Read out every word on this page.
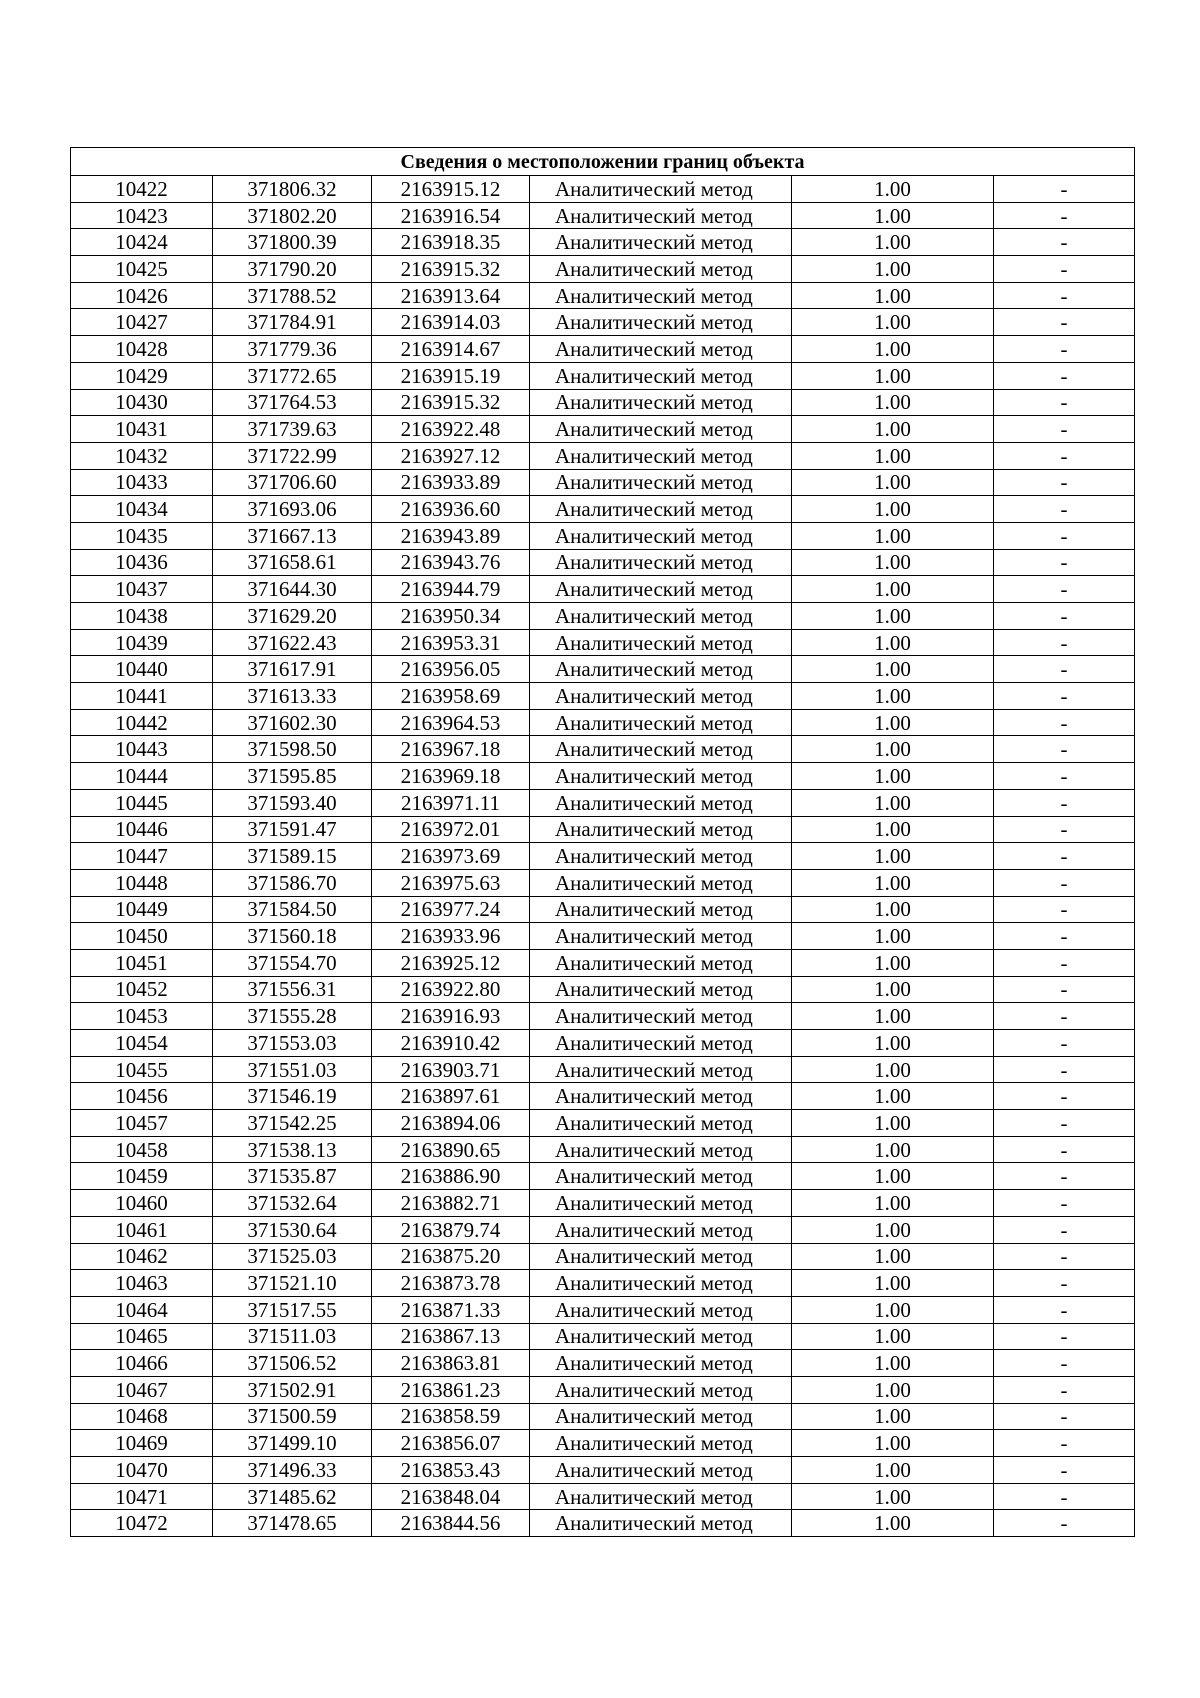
Сведения о местоположении границ объекта					
10422	371806.32	2163915.12	Аналитический метод	1.00	-
10423	371802.20	2163916.54	Аналитический метод	1.00	-
10424	371800.39	2163918.35	Аналитический метод	1.00	-
10425	371790.20	2163915.32	Аналитический метод	1.00	-
10426	371788.52	2163913.64	Аналитический метод	1.00	-
10427	371784.91	2163914.03	Аналитический метод	1.00	-
10428	371779.36	2163914.67	Аналитический метод	1.00	-
10429	371772.65	2163915.19	Аналитический метод	1.00	-
10430	371764.53	2163915.32	Аналитический метод	1.00	-
10431	371739.63	2163922.48	Аналитический метод	1.00	-
10432	371722.99	2163927.12	Аналитический метод	1.00	-
10433	371706.60	2163933.89	Аналитический метод	1.00	-
10434	371693.06	2163936.60	Аналитический метод	1.00	-
10435	371667.13	2163943.89	Аналитический метод	1.00	-
10436	371658.61	2163943.76	Аналитический метод	1.00	-
10437	371644.30	2163944.79	Аналитический метод	1.00	-
10438	371629.20	2163950.34	Аналитический метод	1.00	-
10439	371622.43	2163953.31	Аналитический метод	1.00	-
10440	371617.91	2163956.05	Аналитический метод	1.00	-
10441	371613.33	2163958.69	Аналитический метод	1.00	-
10442	371602.30	2163964.53	Аналитический метод	1.00	-
10443	371598.50	2163967.18	Аналитический метод	1.00	-
10444	371595.85	2163969.18	Аналитический метод	1.00	-
10445	371593.40	2163971.11	Аналитический метод	1.00	-
10446	371591.47	2163972.01	Аналитический метод	1.00	-
10447	371589.15	2163973.69	Аналитический метод	1.00	-
10448	371586.70	2163975.63	Аналитический метод	1.00	-
10449	371584.50	2163977.24	Аналитический метод	1.00	-
10450	371560.18	2163933.96	Аналитический метод	1.00	-
10451	371554.70	2163925.12	Аналитический метод	1.00	-
10452	371556.31	2163922.80	Аналитический метод	1.00	-
10453	371555.28	2163916.93	Аналитический метод	1.00	-
10454	371553.03	2163910.42	Аналитический метод	1.00	-
10455	371551.03	2163903.71	Аналитический метод	1.00	-
10456	371546.19	2163897.61	Аналитический метод	1.00	-
10457	371542.25	2163894.06	Аналитический метод	1.00	-
10458	371538.13	2163890.65	Аналитический метод	1.00	-
10459	371535.87	2163886.90	Аналитический метод	1.00	-
10460	371532.64	2163882.71	Аналитический метод	1.00	-
10461	371530.64	2163879.74	Аналитический метод	1.00	-
10462	371525.03	2163875.20	Аналитический метод	1.00	-
10463	371521.10	2163873.78	Аналитический метод	1.00	-
10464	371517.55	2163871.33	Аналитический метод	1.00	-
10465	371511.03	2163867.13	Аналитический метод	1.00	-
10466	371506.52	2163863.81	Аналитический метод	1.00	-
10467	371502.91	2163861.23	Аналитический метод	1.00	-
10468	371500.59	2163858.59	Аналитический метод	1.00	-
10469	371499.10	2163856.07	Аналитический метод	1.00	-
10470	371496.33	2163853.43	Аналитический метод	1.00	-
10471	371485.62	2163848.04	Аналитический метод	1.00	-
10472	371478.65	2163844.56	Аналитический метод	1.00	-
